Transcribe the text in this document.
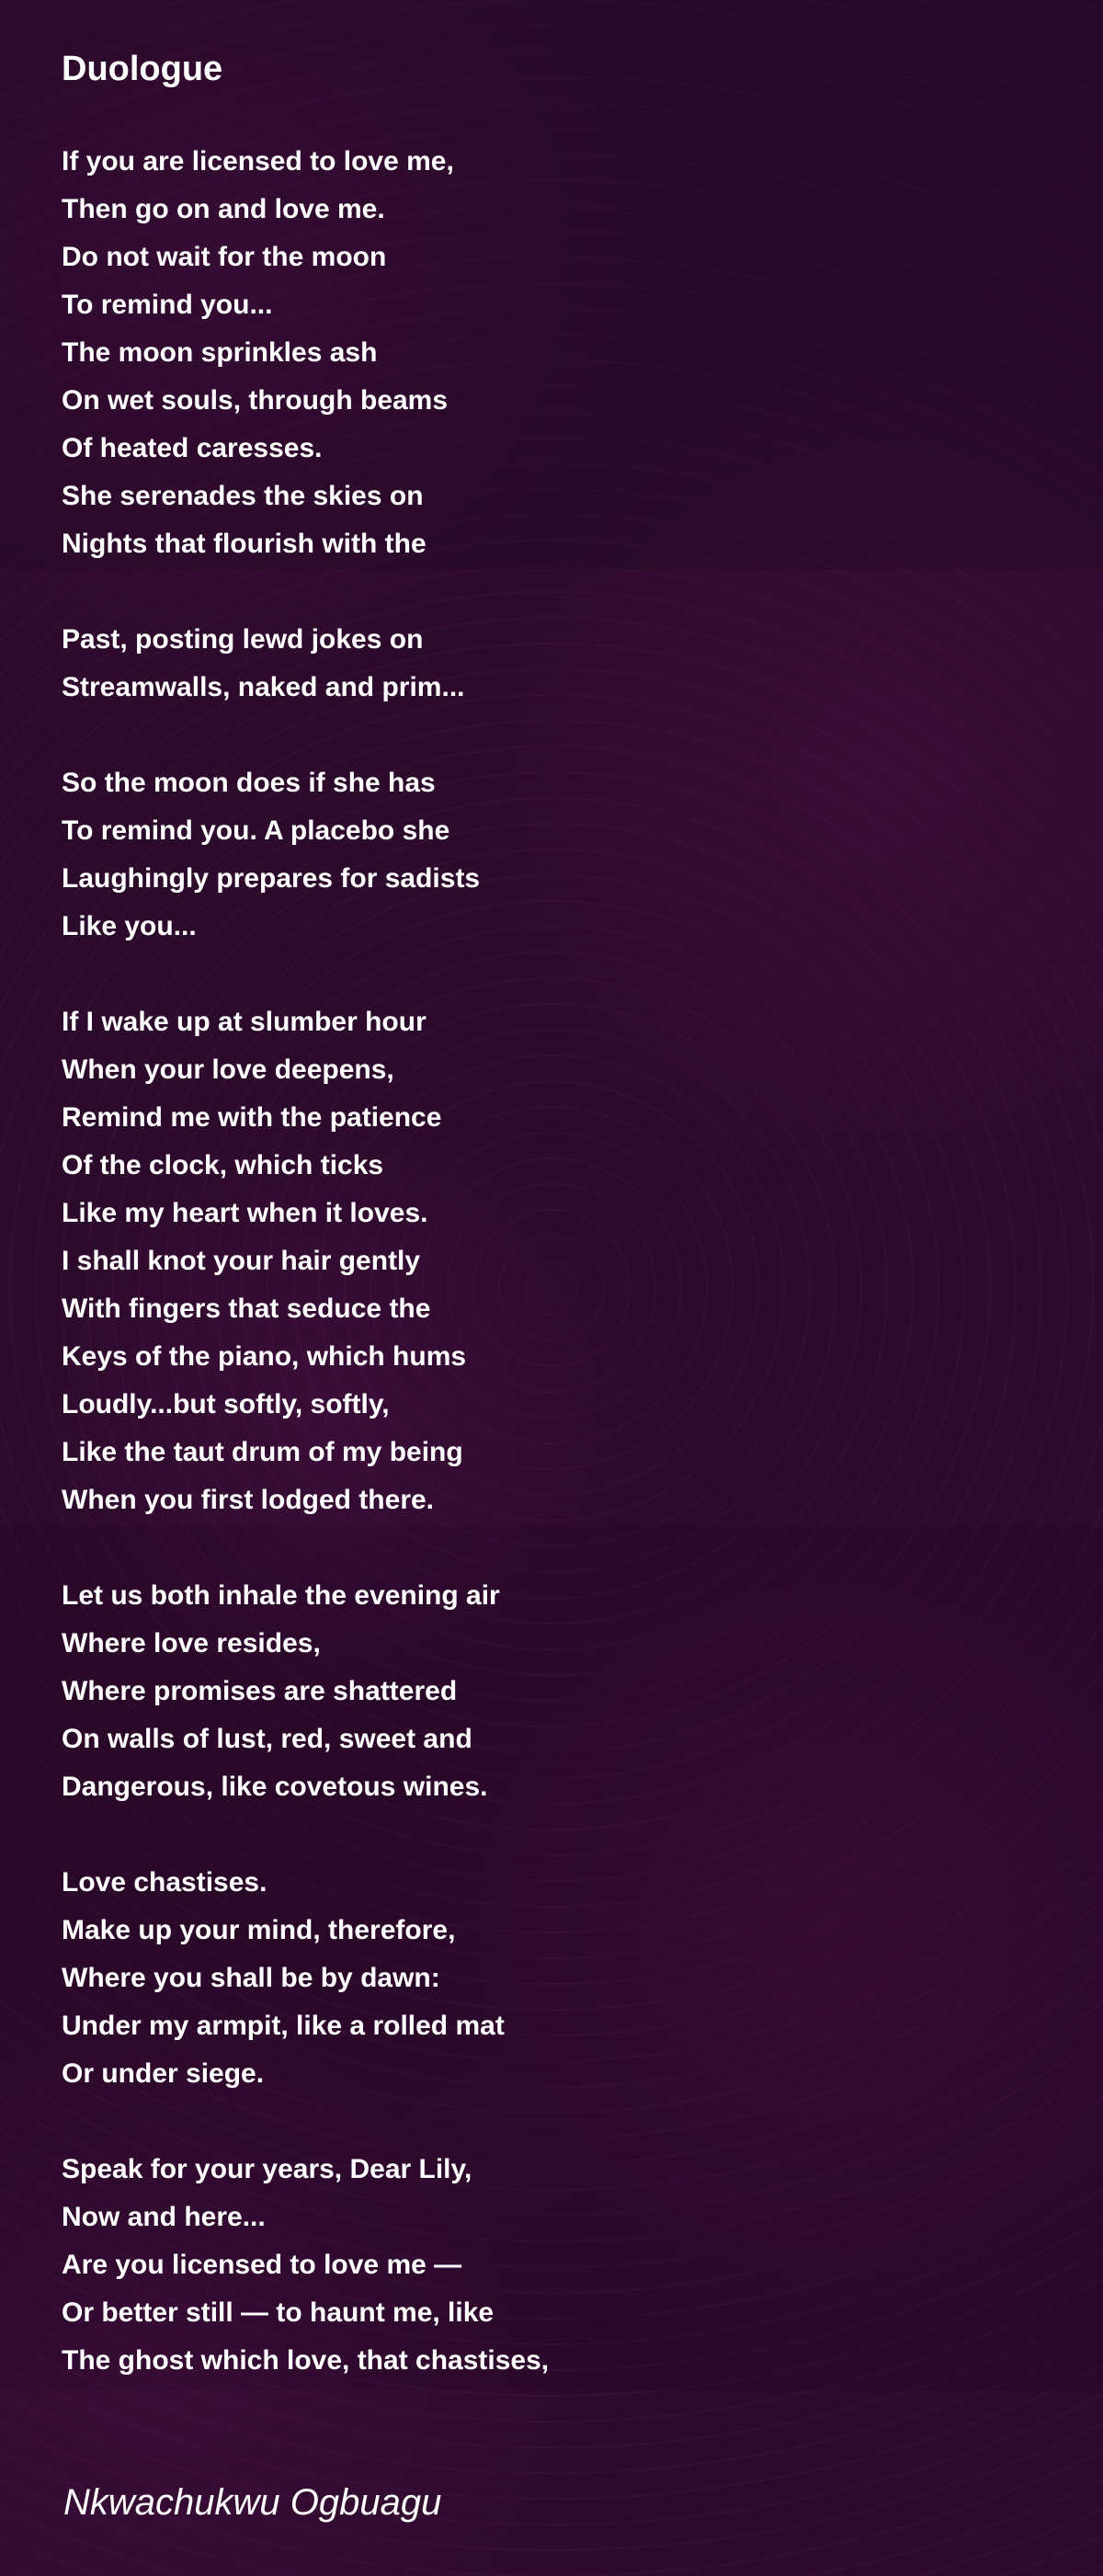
Duologue
If you are licensed to love me,
Then go on and love me.
Do not wait for the moon
To remind you...
The moon sprinkles ash
On wet souls, through beams
Of heated caresses.
She serenades the skies on
Nights that flourish with the
Past, posting lewd jokes on
Streamwalls, naked and prim...
So the moon does if she has
To remind you. A placebo she
Laughingly prepares for sadists
Like you...
If I wake up at slumber hour
When your love deepens,
Remind me with the patience
Of the clock, which ticks
Like my heart when it loves.
I shall knot your hair gently
With fingers that seduce the
Keys of the piano, which hums
Loudly...but softly, softly,
Like the taut drum of my being
When you first lodged there.
Let us both inhale the evening air
Where love resides,
Where promises are shattered
On walls of lust, red, sweet and
Dangerous, like covetous wines.
Love chastises.
Make up your mind, therefore,
Where you shall be by dawn:
Under my armpit, like a rolled mat
Or under siege.
Speak for your years, Dear Lily,
Now and here...
Are you licensed to love me —
Or better still — to haunt me, like
The ghost which love, that chastises,

Nkwachukwu Ogbuagu
